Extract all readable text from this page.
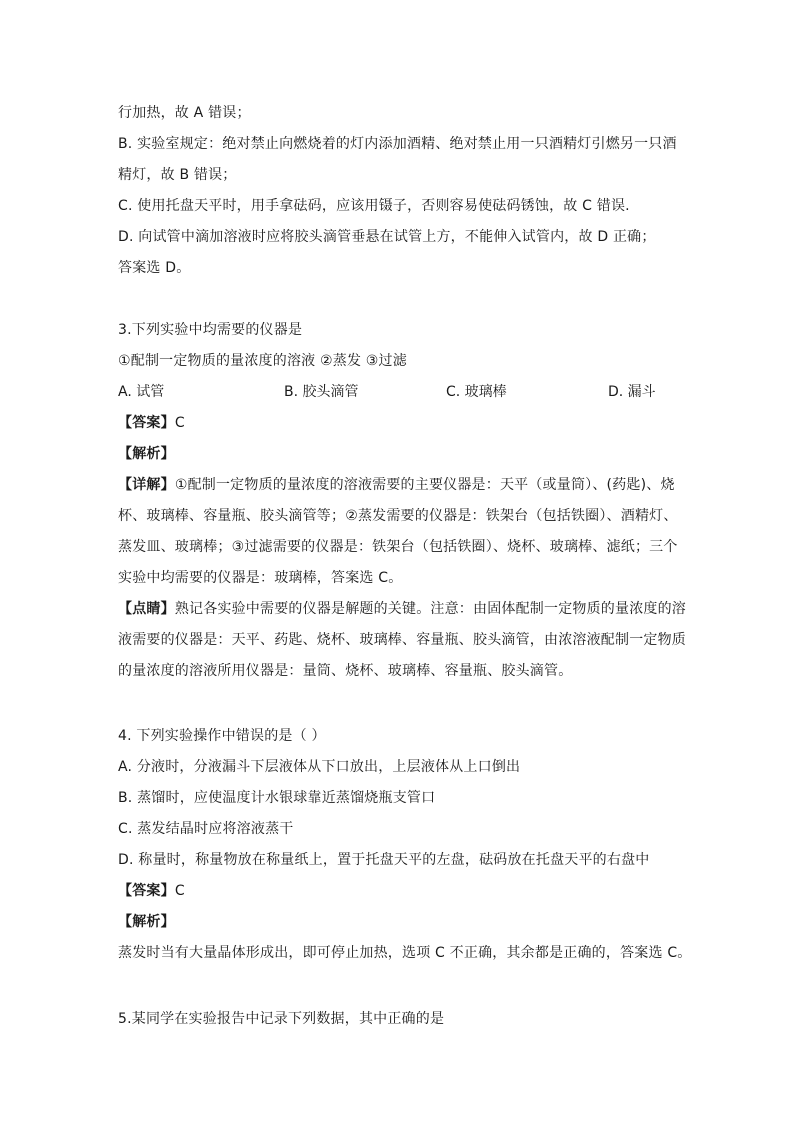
行加热，故 A 错误；
B. 实验室规定：绝对禁止向燃烧着的灯内添加酒精、绝对禁止用一只酒精灯引燃另一只酒
精灯，故 B 错误；
C. 使用托盘天平时，用手拿砝码，应该用镊子，否则容易使砝码锈蚀，故 C 错误.
D. 向试管中滴加溶液时应将胶头滴管垂悬在试管上方，不能伸入试管内，故 D 正确；
答案选 D。
3.下列实验中均需要的仪器是
①配制一定物质的量浓度的溶液 ②蒸发 ③过滤
A. 试管	B. 胶头滴管	C. 玻璃棒	D. 漏斗
【答案】C
【解析】
【详解】①配制一定物质的量浓度的溶液需要的主要仪器是：天平（或量筒）、(药匙)、烧
杯、玻璃棒、容量瓶、胶头滴管等；②蒸发需要的仪器是：铁架台（包括铁圈）、酒精灯、
蒸发皿、玻璃棒；③过滤需要的仪器是：铁架台（包括铁圈）、烧杯、玻璃棒、滤纸；三个
实验中均需要的仪器是：玻璃棒，答案选 C。
【点睛】熟记各实验中需要的仪器是解题的关键。注意：由固体配制一定物质的量浓度的溶
液需要的仪器是：天平、药匙、烧杯、玻璃棒、容量瓶、胶头滴管，由浓溶液配制一定物质
的量浓度的溶液所用仪器是：量筒、烧杯、玻璃棒、容量瓶、胶头滴管。
4. 下列实验操作中错误的是（ ）
A. 分液时，分液漏斗下层液体从下口放出，上层液体从上口倒出
B. 蒸馏时，应使温度计水银球靠近蒸馏烧瓶支管口
C. 蒸发结晶时应将溶液蒸干
D. 称量时，称量物放在称量纸上，置于托盘天平的左盘，砝码放在托盘天平的右盘中
【答案】C
【解析】
蒸发时当有大量晶体形成出，即可停止加热，选项 C 不正确，其余都是正确的，答案选 C。
5.某同学在实验报告中记录下列数据，其中正确的是
